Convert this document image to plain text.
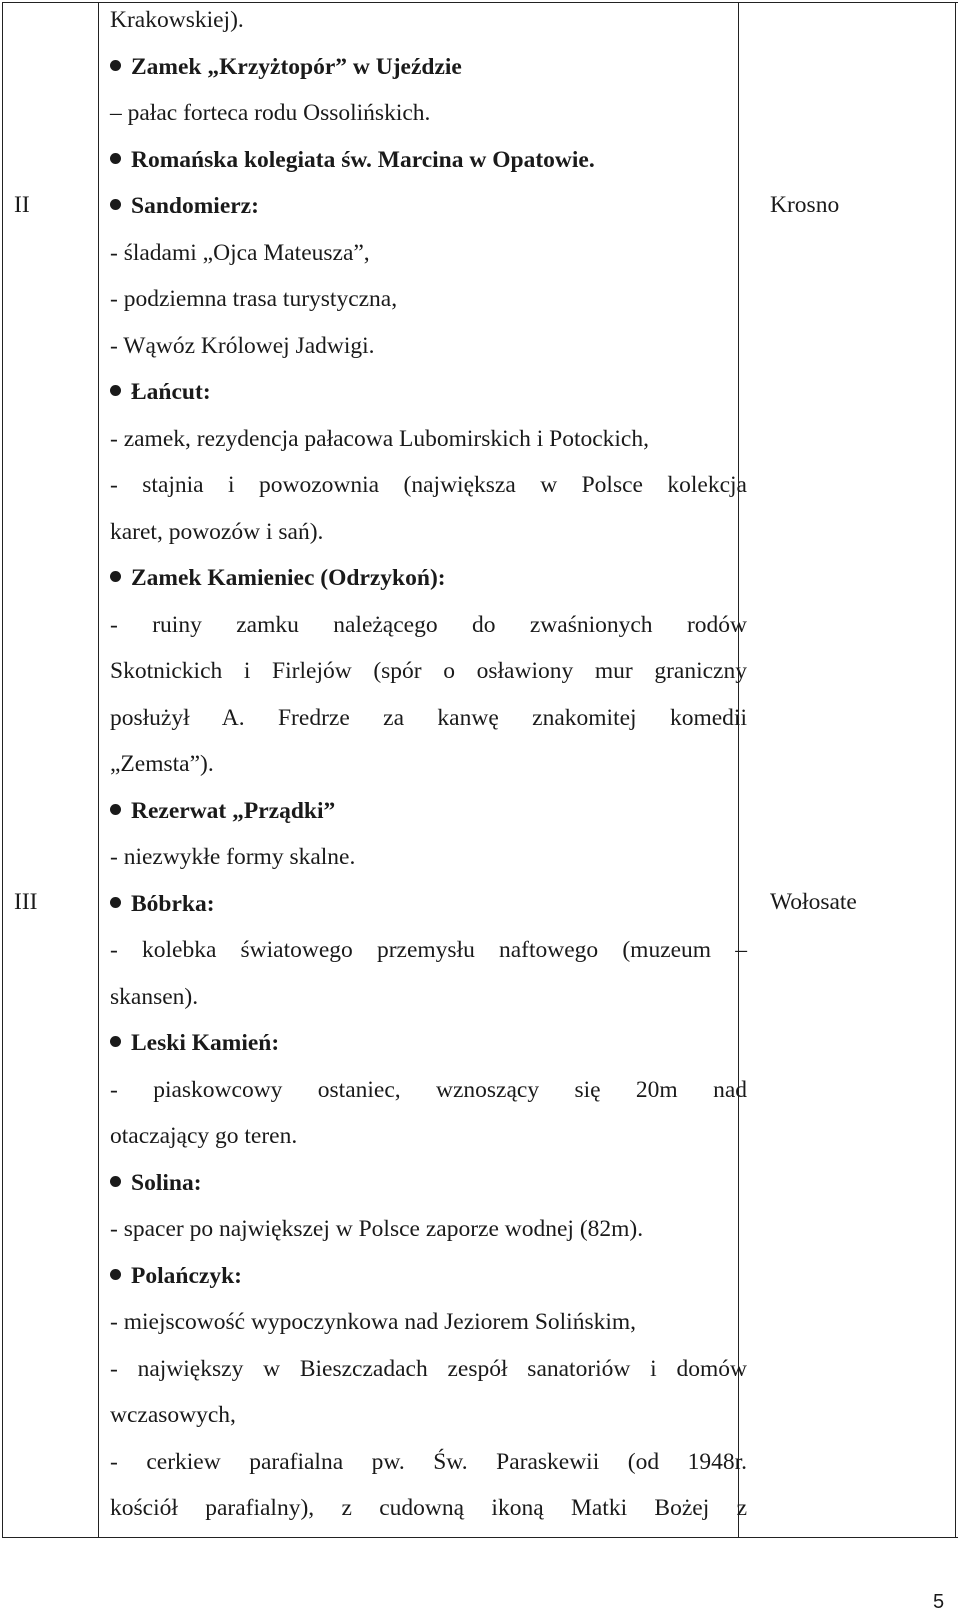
II	Krosno
III	Wołosate
Krakowskiej).
Zamek „Krzyżtopór” w Ujeździe
– pałac forteca rodu Ossolińskich.
Romańska kolegiata św. Marcina w Opatowie.
Sandomierz:
- śladami „Ojca Mateusza”,
- podziemna trasa turystyczna,
- Wąwóz Królowej Jadwigi.
Łańcut:
- zamek, rezydencja pałacowa Lubomirskich i Potockich,
- stajnia i powozownia (największa w Polsce kolekcja
karet, powozów i sań).
Zamek Kamieniec (Odrzykoń):
- ruiny zamku należącego do zwaśnionych rodów
Skotnickich i Firlejów (spór o osławiony mur graniczny
posłużył A. Fredrze za kanwę znakomitej komedii
„Zemsta”).
Rezerwat „Prządki”
- niezwykłe formy skalne.
Bóbrka:
- kolebka światowego przemysłu naftowego (muzeum –
skansen).
Leski Kamień:
- piaskowcowy ostaniec, wznoszący się 20m nad
otaczający go teren.
Solina:
- spacer po największej w Polsce zaporze wodnej (82m).
Polańczyk:
- miejscowość wypoczynkowa nad Jeziorem Solińskim,
- największy w Bieszczadach zespół sanatoriów i domów
wczasowych,
- cerkiew parafialna pw. Św. Paraskewii (od 1948r.
kościół parafialny), z cudowną ikoną Matki Bożej z
5
